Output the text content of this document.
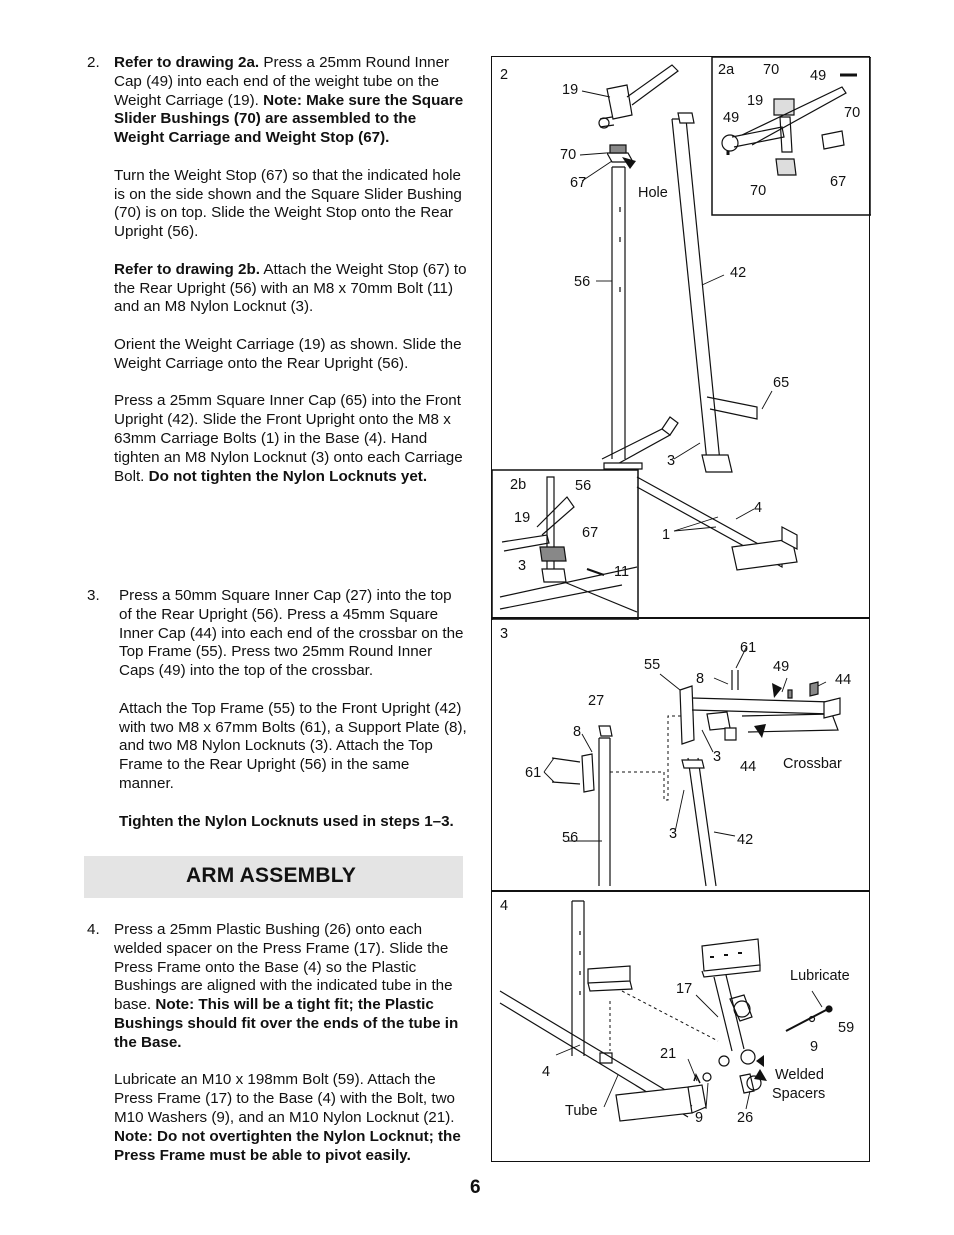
2. Refer to drawing 2a. Press a 25mm Round Inner Cap (49) into each end of the weight tube on the Weight Carriage (19). Note: Make sure the Square Slider Bushings (70) are assembled to the Weight Carriage and Weight Stop (67).

Turn the Weight Stop (67) so that the indicated hole is on the side shown and the Square Slider Bushing (70) is on top. Slide the Weight Stop onto the Rear Upright (56).

Refer to drawing 2b. Attach the Weight Stop (67) to the Rear Upright (56) with an M8 x 70mm Bolt (11) and an M8 Nylon Locknut (3).

Orient the Weight Carriage (19) as shown. Slide the Weight Carriage onto the Rear Upright (56).

Press a 25mm Square Inner Cap (65) into the Front Upright (42). Slide the Front Upright onto the M8 x 63mm Carriage Bolts (1) in the Base (4). Hand tighten an M8 Nylon Locknut (3) onto each Carriage Bolt. Do not tighten the Nylon Locknuts yet.

3. Press a 50mm Square Inner Cap (27) into the top of the Rear Upright (56). Press a 45mm Square Inner Cap (44) into each end of the crossbar on the Top Frame (55). Press two 25mm Round Inner Caps (49) into the top of the crossbar.

Attach the Top Frame (55) to the Front Upright (42) with two M8 x 67mm Bolts (61), a Support Plate (8), and two M8 Nylon Locknuts (3). Attach the Top Frame to the Rear Upright (56) in the same manner.

Tighten the Nylon Locknuts used in steps 1–3.

ARM ASSEMBLY
4. Press a 25mm Plastic Bushing (26) onto each welded spacer on the Press Frame (17). Slide the Press Frame onto the Base (4) so the Plastic Bushings are aligned with the indicated tube in the base. Note: This will be a tight fit; the Plastic Bushings should fit over the ends of the tube in the Base.

Lubricate an M10 x 198mm Bolt (59). Attach the Press Frame (17) to the Base (4) with the Bolt, two M10 Washers (9), and an M10 Nylon Locknut (21). Note: Do not overtighten the Nylon Locknut; the Press Frame must be able to pivot easily.

6
2
19
70
67
Hole
56
42
65
3
4
1
2a 70 49
19
49	70
70
67
2b	56
19
67
3	11
3
61
55
8
49
44
27
8
3
44 Crossbar
61
3
56	42
4
Lubricate
17
59
9
21
4	Welded
Spacers
Tube	9 26
